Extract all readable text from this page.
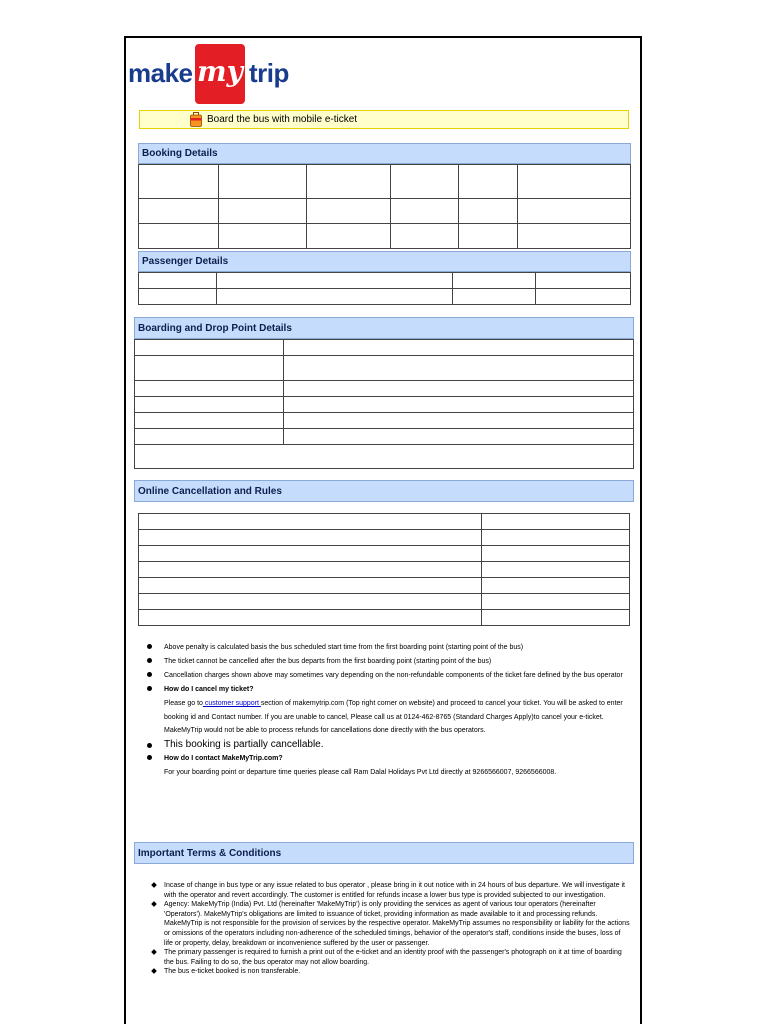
make my trip
Board the bus with mobile e-ticket
Booking Details

Passenger Details

Boarding and Drop Point Details

Online Cancellation and Rules

Above penalty is calculated basis the bus scheduled start time from the first boarding point (starting point of the bus)
The ticket cannot be cancelled after the bus departs from the first boarding point (starting point of the bus)
Cancellation charges shown above may sometimes vary depending on the non-refundable components of the ticket fare defined by the bus operator
How do I cancel my ticket?
Please go to customer support section of makemytrip.com (Top right corner on website) and proceed to cancel your ticket. You will be asked to enter booking id and Contact number. If you are unable to cancel, Please call us at 0124-462-8765 (Standard Charges Apply)to cancel your e-ticket.
MakeMyTrip would not be able to process refunds for cancellations done directly with the bus operators.
This booking is partially cancellable.
How do I contact MakeMyTrip.com?
For your boarding point or departure time queries please call Ram Dalal Holidays Pvt Ltd directly at 9266566007, 9266566008.
Important Terms & Conditions
Incase of change in bus type or any issue related to bus operator , please bring in it out notice with in 24 hours of bus departure. We will investigate it with the operator and revert accordingly. The customer is entitled for refunds incase a lower bus type is provided subjected to our investigation.
Agency: MakeMyTrip (India) Pvt. Ltd (hereinafter 'MakeMyTrip') is only providing the services as agent of various tour operators (hereinafter 'Operators'). MakeMyTrip's obligations are limited to issuance of ticket, providing information as made available to it and processing refunds. MakeMyTrip is not responsible for the provision of services by the respective operator. MakeMyTrip assumes no responsibility or liability for the actions or omissions of the operators including non-adherence of the scheduled timings, behavior of the operator's staff, conditions inside the buses, loss of life or property, delay, breakdown or inconvenience suffered by the user or passenger.
The primary passenger is required to furnish a print out of the e-ticket and an identity proof with the passenger's photograph on it at time of boarding the bus. Failing to do so, the bus operator may not allow boarding.
The bus e-ticket booked is non transferable.
